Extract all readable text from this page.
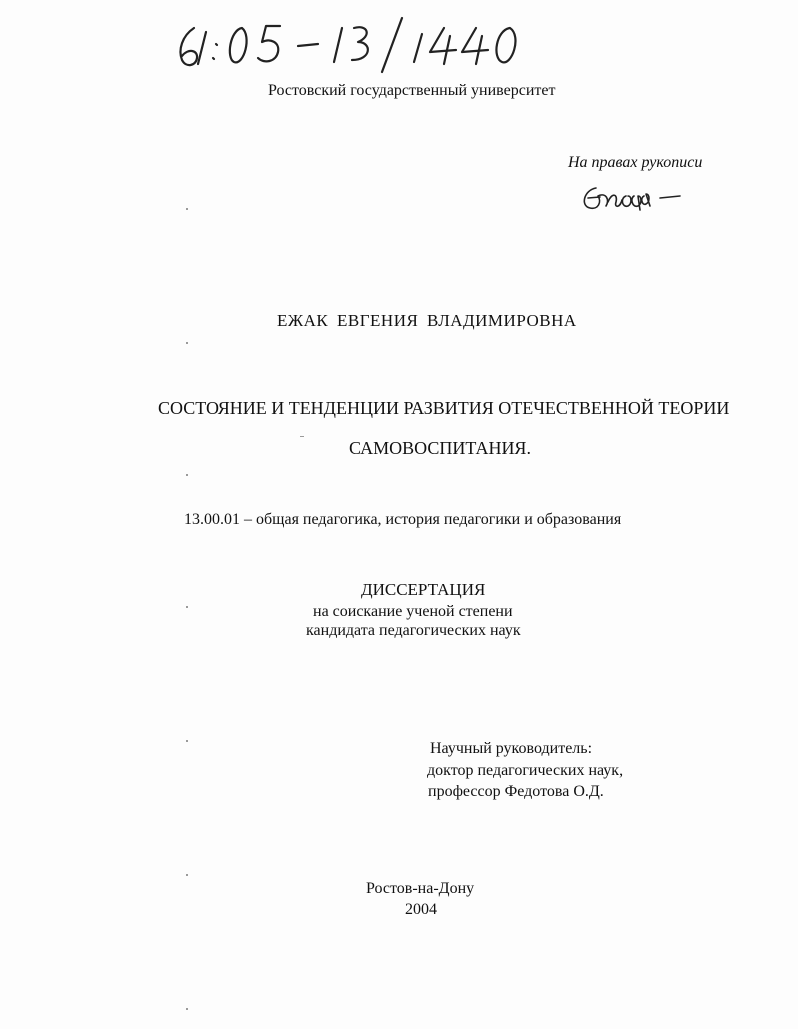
Ростовский государственный университет
На правах рукописи
ЕЖАК ЕВГЕНИЯ ВЛАДИМИРОВНА
СОСТОЯНИЕ И ТЕНДЕНЦИИ РАЗВИТИЯ ОТЕЧЕСТВЕННОЙ ТЕОРИИ
САМОВОСПИТАНИЯ.
13.00.01 – общая педагогика, история педагогики и образования
ДИССЕРТАЦИЯ
на соискание ученой степени
кандидата педагогических наук
Научный руководитель:
доктор педагогических наук,
профессор Федотова О.Д.
Ростов-на-Дону
2004
